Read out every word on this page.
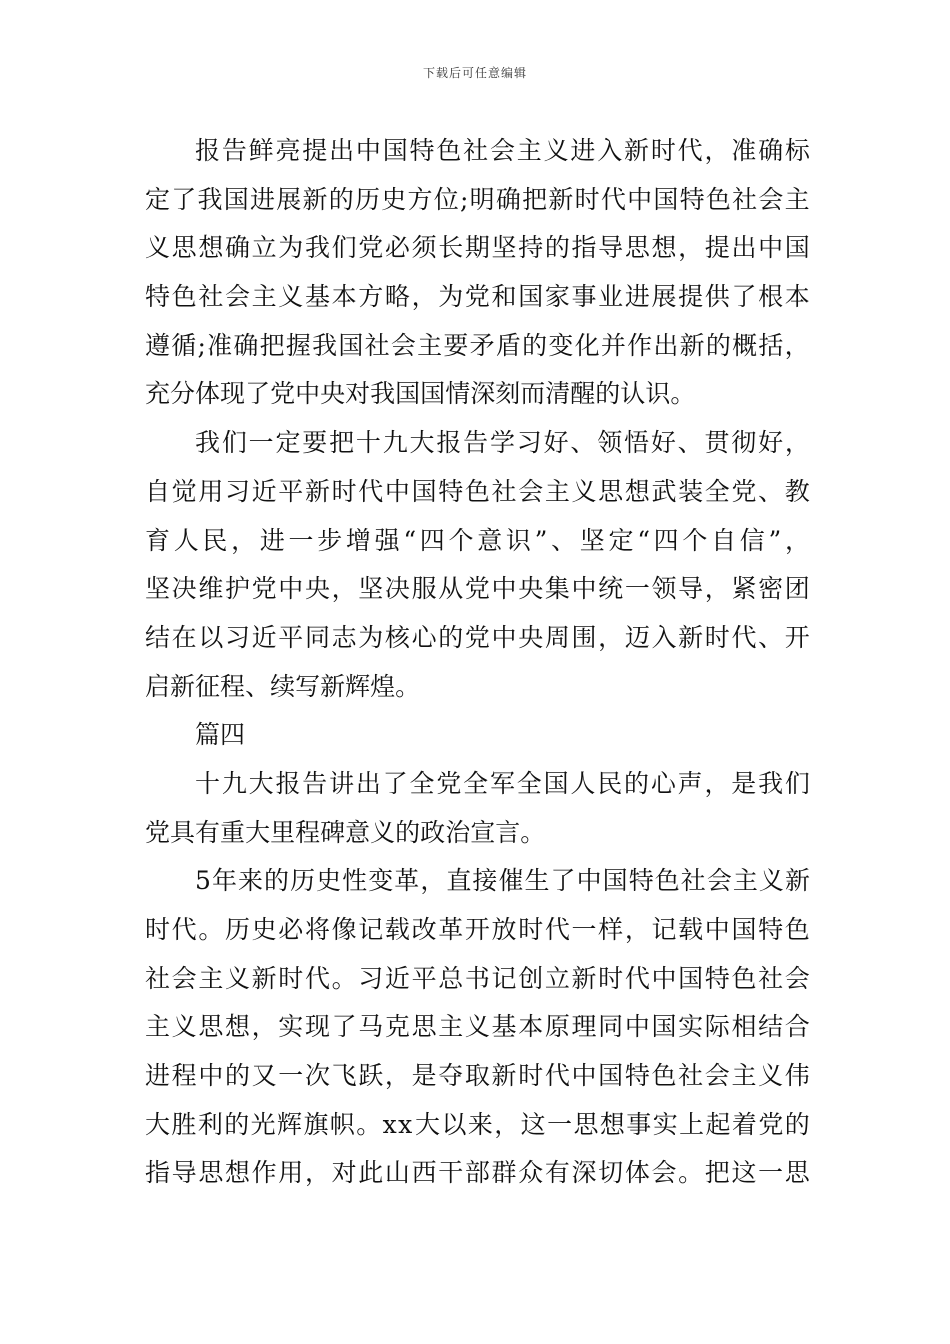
下载后可任意编辑
报 告 鲜 亮 提 出 中 国 特 色 社 会 主 义 进 入 新 时 代 ， 准 确 标
定 了 我 国 进 展 新 的 历 史 方 位 ; 明 确 把 新 时 代 中 国 特 色 社 会 主
义 思 想 确 立 为 我 们 党 必 须 长 期 坚 持 的 指 导 思 想 ， 提 出 中 国
特 色 社 会 主 义 基 本 方 略 ， 为 党 和 国 家 事 业 进 展 提 供 了 根 本
遵 循 ; 准 确 把 握 我 国 社 会 主 要 矛 盾 的 变 化 并 作 出 新 的 概 括 ，
充 分 体 现 了 党 中 央 对 我 国 国 情 深 刻 而 清 醒 的 认 识 。
我 们 一 定 要 把 十 九 大 报 告 学 习 好 、 领 悟 好 、 贯 彻 好 ，
自 觉 用 习 近 平 新 时 代 中 国 特 色 社 会 主 义 思 想 武 装 全 党 、 教
育 人 民 ， 进 一 步 增 强 “ 四 个 意 识 ” 、 坚 定 “ 四 个 自 信 ” ，
坚 决 维 护 党 中 央 ， 坚 决 服 从 党 中 央 集 中 统 一 领 导 ， 紧 密 团
结 在 以 习 近 平 同 志 为 核 心 的 党 中 央 周 围 ， 迈 入 新 时 代 、 开
启 新 征 程 、 续 写 新 辉 煌 。
篇 四
十 九 大 报 告 讲 出 了 全 党 全 军 全 国 人 民 的 心 声 ， 是 我 们
党 具 有 重 大 里 程 碑 意 义 的 政 治 宣 言 。
5 年 来 的 历 史 性 变 革 ， 直 接 催 生 了 中 国 特 色 社 会 主 义 新
时 代 。 历 史 必 将 像 记 载 改 革 开 放 时 代 一 样 ， 记 载 中 国 特 色
社 会 主 义 新 时 代 。 习 近 平 总 书 记 创 立 新 时 代 中 国 特 色 社 会
主 义 思 想 ， 实 现 了 马 克 思 主 义 基 本 原 理 同 中 国 实 际 相 结 合
进 程 中 的 又 一 次 飞 跃 ， 是 夺 取 新 时 代 中 国 特 色 社 会 主 义 伟
大 胜 利 的 光 辉 旗 帜 。 x x 大 以 来 ， 这 一 思 想 事 实 上 起 着 党 的
指 导 思 想 作 用 ， 对 此 山 西 干 部 群 众 有 深 切 体 会 。 把 这 一 思
